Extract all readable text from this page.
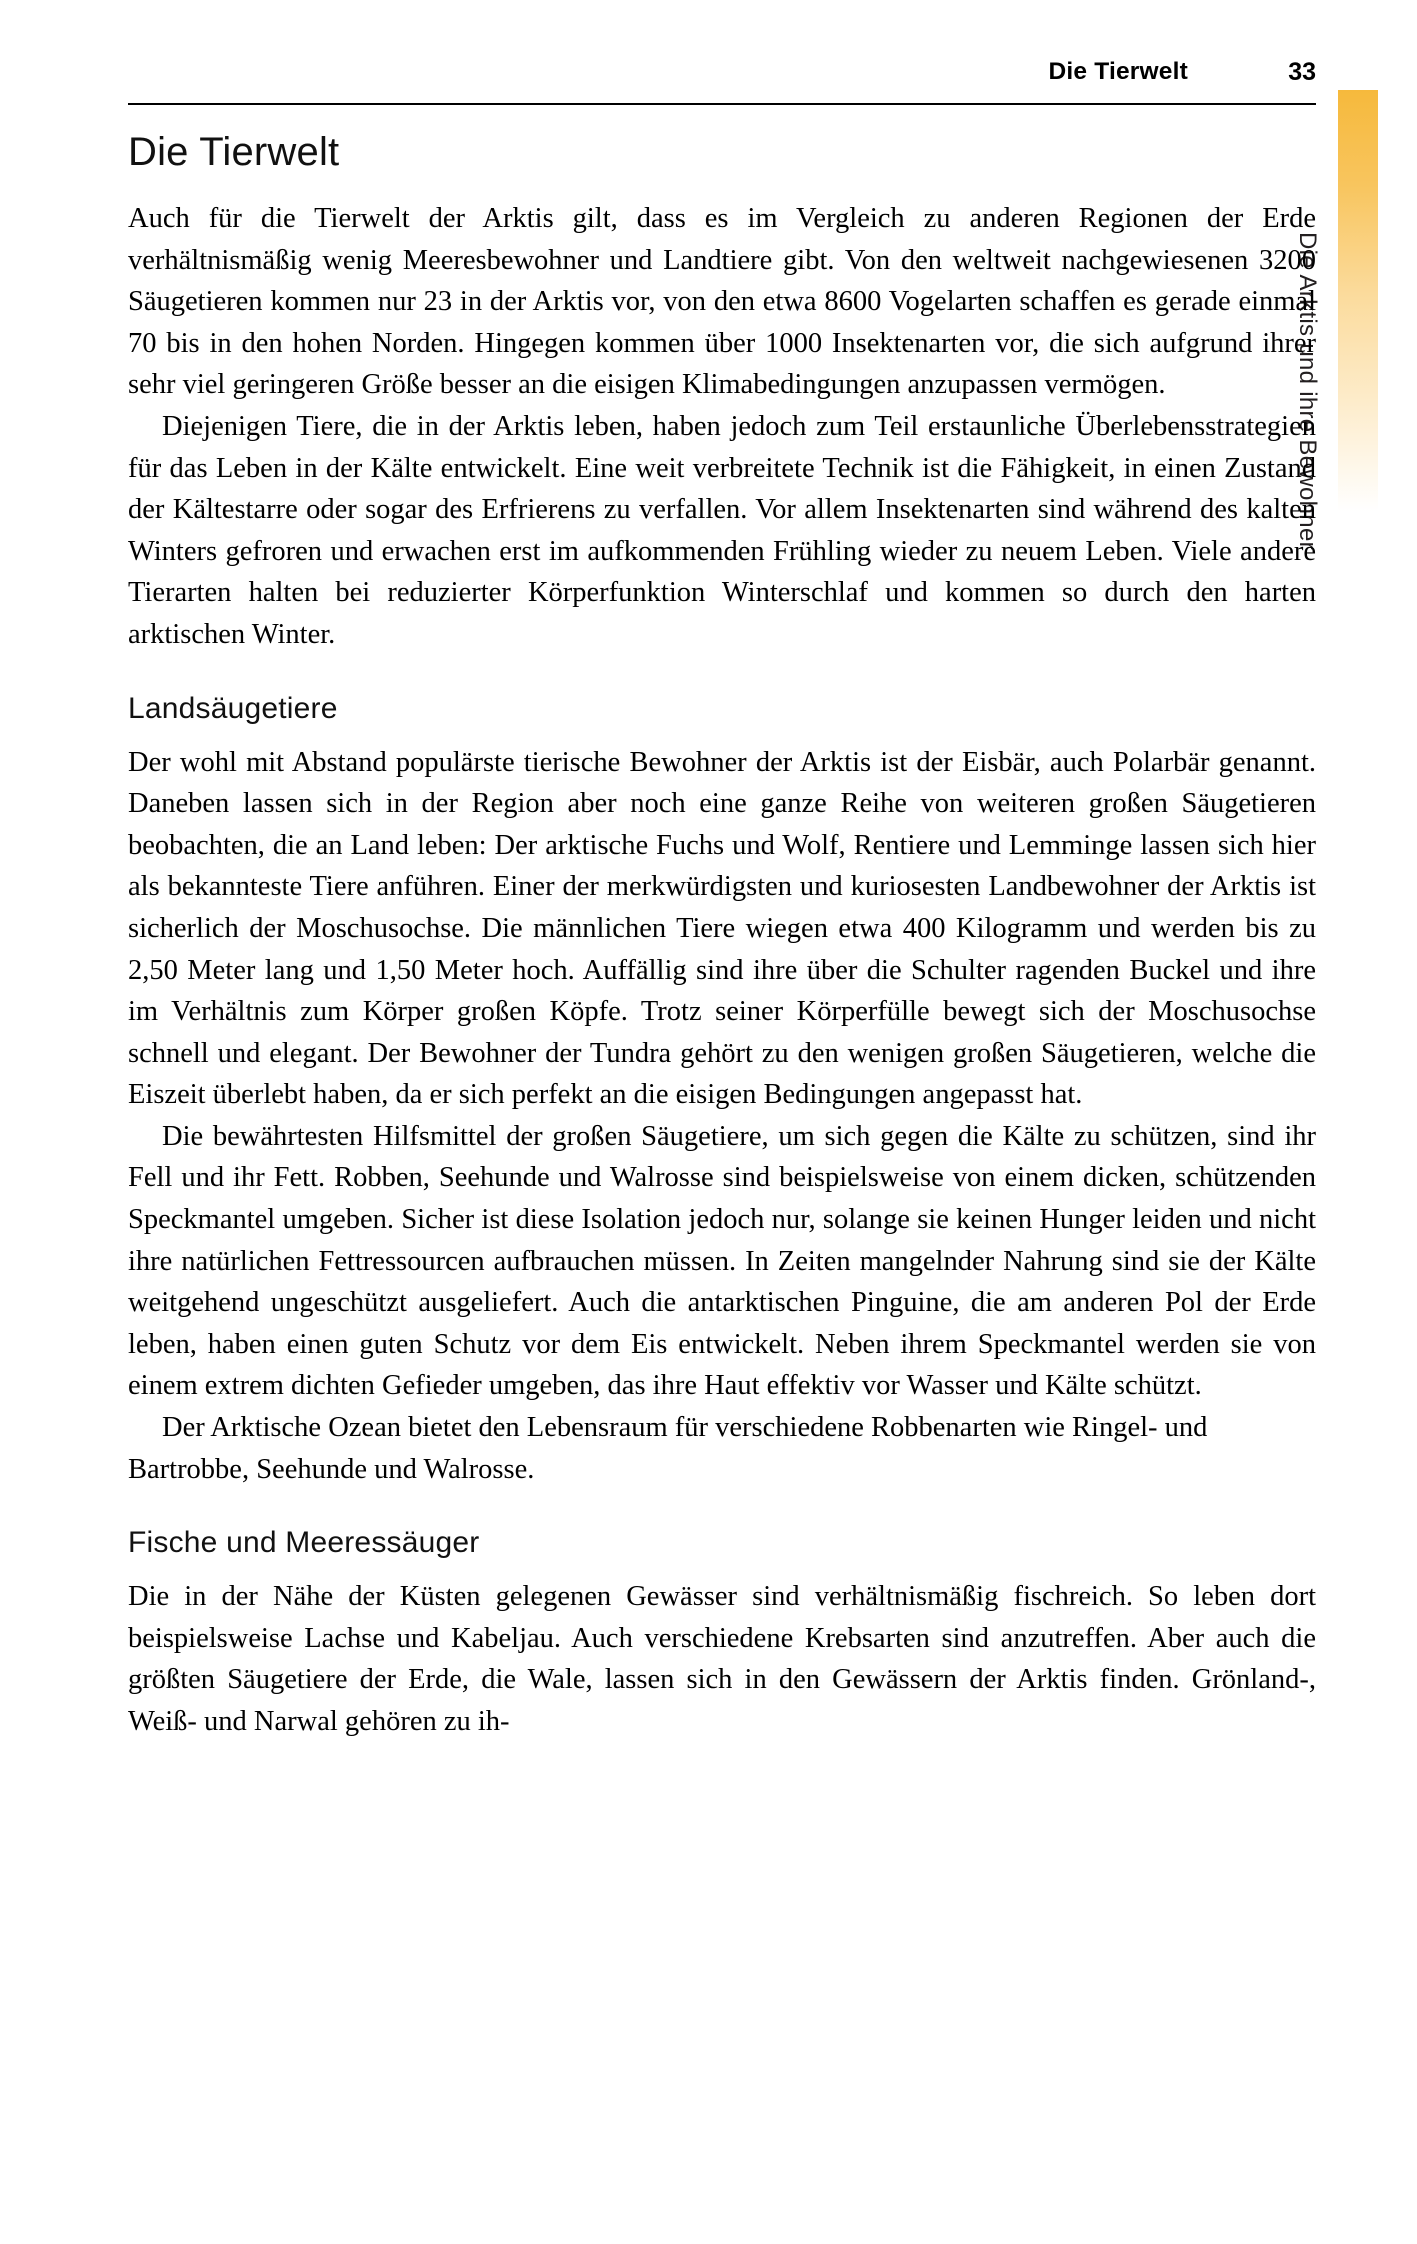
Die Tierwelt	33
Die Arktis und ihre Bewohner
Die Tierwelt

Auch für die Tierwelt der Arktis gilt, dass es im Vergleich zu anderen Regionen der Erde verhältnismäßig wenig Meeresbewohner und Landtiere gibt. Von den weltweit nachgewiesenen 3200 Säugetieren kommen nur 23 in der Arktis vor, von den etwa 8600 Vogelarten schaffen es gerade einmal 70 bis in den hohen Norden. Hingegen kommen über 1000 Insektenarten vor, die sich aufgrund ihrer sehr viel geringeren Größe besser an die eisigen Klimabedingungen anzupassen vermögen.

Diejenigen Tiere, die in der Arktis leben, haben jedoch zum Teil erstaunliche Überlebensstrategien für das Leben in der Kälte entwickelt. Eine weit verbreitete Technik ist die Fähigkeit, in einen Zustand der Kältestarre oder sogar des Erfrierens zu verfallen. Vor allem Insektenarten sind während des kalten Winters gefroren und erwachen erst im aufkommenden Frühling wieder zu neuem Leben. Viele andere Tierarten halten bei reduzierter Körperfunktion Winterschlaf und kommen so durch den harten arktischen Winter.

Landsäugetiere

Der wohl mit Abstand populärste tierische Bewohner der Arktis ist der Eisbär, auch Polarbär genannt. Daneben lassen sich in der Region aber noch eine ganze Reihe von weiteren großen Säugetieren beobachten, die an Land leben: Der arktische Fuchs und Wolf, Rentiere und Lemminge lassen sich hier als bekannteste Tiere anführen. Einer der merkwürdigsten und kuriosesten Landbewohner der Arktis ist sicherlich der Moschusochse. Die männlichen Tiere wiegen etwa 400 Kilogramm und werden bis zu 2,50 Meter lang und 1,50 Meter hoch. Auffällig sind ihre über die Schulter ragenden Buckel und ihre im Verhältnis zum Körper großen Köpfe. Trotz seiner Körperfülle bewegt sich der Moschusochse schnell und elegant. Der Bewohner der Tundra gehört zu den wenigen großen Säugetieren, welche die Eiszeit überlebt haben, da er sich perfekt an die eisigen Bedingungen angepasst hat.

Die bewährtesten Hilfsmittel der großen Säugetiere, um sich gegen die Kälte zu schützen, sind ihr Fell und ihr Fett. Robben, Seehunde und Walrosse sind beispielsweise von einem dicken, schützenden Speckmantel umgeben. Sicher ist diese Isolation jedoch nur, solange sie keinen Hunger leiden und nicht ihre natürlichen Fettressourcen aufbrauchen müssen. In Zeiten mangelnder Nahrung sind sie der Kälte weitgehend ungeschützt ausgeliefert. Auch die antarktischen Pinguine, die am anderen Pol der Erde leben, haben einen guten Schutz vor dem Eis entwickelt. Neben ihrem Speckmantel werden sie von einem extrem dichten Gefieder umgeben, das ihre Haut effektiv vor Wasser und Kälte schützt.

Der Arktische Ozean bietet den Lebensraum für verschiedene Robbenarten wie Ringel- und Bartrobbe, Seehunde und Walrosse.

Fische und Meeressäuger

Die in der Nähe der Küsten gelegenen Gewässer sind verhältnismäßig fischreich. So leben dort beispielsweise Lachse und Kabeljau. Auch verschiedene Krebsarten sind anzutreffen. Aber auch die größten Säugetiere der Erde, die Wale, lassen sich in den Gewässern der Arktis finden. Grönland-, Weiß- und Narwal gehören zu ih-
